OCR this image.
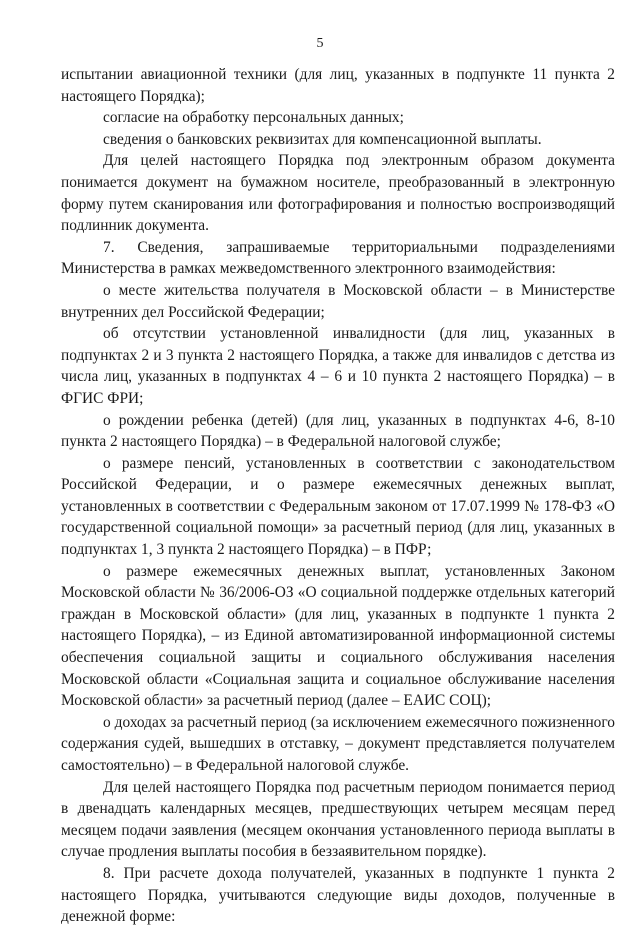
5

испытании авиационной техники (для лиц, указанных в подпункте 11 пункта 2 настоящего Порядка);

согласие на обработку персональных данных;

сведения о банковских реквизитах для компенсационной выплаты.

Для целей настоящего Порядка под электронным образом документа понимается документ на бумажном носителе, преобразованный в электронную форму путем сканирования или фотографирования и полностью воспроизводящий подлинник документа.

7. Сведения, запрашиваемые территориальными подразделениями Министерства в рамках межведомственного электронного взаимодействия:

о месте жительства получателя в Московской области – в Министерстве внутренних дел Российской Федерации;

об отсутствии установленной инвалидности (для лиц, указанных в подпунктах 2 и 3 пункта 2 настоящего Порядка, а также для инвалидов с детства из числа лиц, указанных в подпунктах 4 – 6 и 10 пункта 2 настоящего Порядка) – в ФГИС ФРИ;

о рождении ребенка (детей) (для лиц, указанных в подпунктах 4-6, 8-10 пункта 2 настоящего Порядка) – в Федеральной налоговой службе;

о размере пенсий, установленных в соответствии с законодательством Российской Федерации, и о размере ежемесячных денежных выплат, установленных в соответствии с Федеральным законом от 17.07.1999 № 178-ФЗ «О государственной социальной помощи» за расчетный период (для лиц, указанных в подпунктах 1, 3 пункта 2 настоящего Порядка) – в ПФР;

о размере ежемесячных денежных выплат, установленных Законом Московской области № 36/2006-ОЗ «О социальной поддержке отдельных категорий граждан в Московской области» (для лиц, указанных в подпункте 1 пункта 2 настоящего Порядка), – из Единой автоматизированной информационной системы обеспечения социальной защиты и социального обслуживания населения Московской области «Социальная защита и социальное обслуживание населения Московской области» за расчетный период (далее – ЕАИС СОЦ);

о доходах за расчетный период (за исключением ежемесячного пожизненного содержания судей, вышедших в отставку, – документ представляется получателем самостоятельно) – в Федеральной налоговой службе.

Для целей настоящего Порядка под расчетным периодом понимается период в двенадцать календарных месяцев, предшествующих четырем месяцам перед месяцем подачи заявления (месяцем окончания установленного периода выплаты в случае продления выплаты пособия в беззаявительном порядке).

8. При расчете дохода получателей, указанных в подпункте 1 пункта 2 настоящего Порядка, учитываются следующие виды доходов, полученные в денежной форме:
